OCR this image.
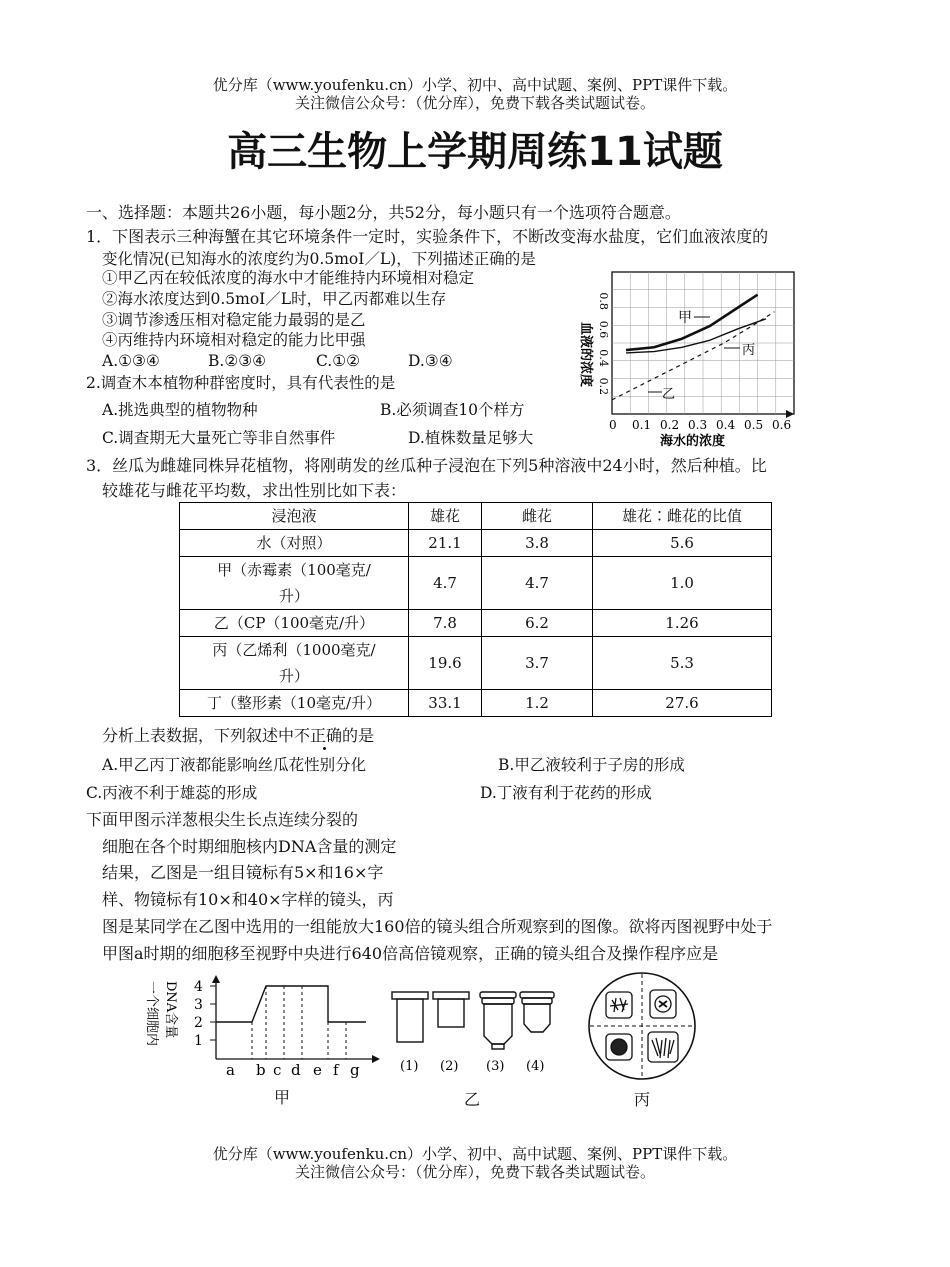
优分库（www.youfenku.cn）小学、初中、高中试题、案例、PPT课件下载。
关注微信公众号：（优分库），免费下载各类试题试卷。
高三生物上学期周练11试题
一、选择题：本题共26小题，每小题2分，共52分，每小题只有一个选项符合题意。
1．下图表示三种海蟹在其它环境条件一定时，实验条件下，不断改变海水盐度，它们血液浓度的
变化情况(已知海水的浓度约为0.5moI／L)，下列描述正确的是
①甲乙丙在较低浓度的海水中才能维持内环境相对稳定
②海水浓度达到0.5moI／L时，甲乙丙都难以生存
③调节渗透压相对稳定能力最弱的是乙
④丙维持内环境相对稳定的能力比甲强
A.①③④	B.②③④	C.①②	D.③④
2.调查木本植物种群密度时，具有代表性的是
A.挑选典型的植物物种	B.必须调查10个样方
C.调查期无大量死亡等非自然事件	D.植株数量足够大
0 0.1 0.2 0.3 0.4 0.5 0.6
0.2
0.4
0.6
0.8
甲
丙
乙
海水的浓度
血液的浓度
3．丝瓜为雌雄同株异花植物，将刚萌发的丝瓜种子浸泡在下列5种溶液中24小时，然后种植。比
较雄花与雌花平均数，求出性别比如下表：
浸泡液	雄花	雌花	雄花∶雌花的比值
水（对照）	21.1	3.8	5.6
甲（赤霉素（100毫克/
升）	4.7	4.7	1.0
乙（CP（100毫克/升）	7.8	6.2	1.26
丙（乙烯利（1000毫克/
升）	19.6	3.7	5.3
丁（整形素（10毫克/升）	33.1	1.2	27.6
分析上表数据，下列叙述中不正确的是
A.甲乙丙丁液都能影响丝瓜花性别分化	B.甲乙液较利于子房的形成
C.丙液不利于雄蕊的形成	D.丁液有利于花药的形成
下面甲图示洋葱根尖生长点连续分裂的
细胞在各个时期细胞核内DNA含量的测定
结果，乙图是一组目镜标有5×和16×字
样、物镜标有10×和40×字样的镜头，丙
图是某同学在乙图中选用的一组能放大160倍的镜头组合所观察到的图像。欲将丙图视野中处于
甲图a时期的细胞移至视野中央进行640倍高倍镜观察，正确的镜头组合及操作程序应是
一个细胞内 DNA含量 4
3
2
1
a b c d e f g	(1) (2) (3) (4)
甲	乙	丙
优分库（www.youfenku.cn）小学、初中、高中试题、案例、PPT课件下载。
关注微信公众号：（优分库），免费下载各类试题试卷。
